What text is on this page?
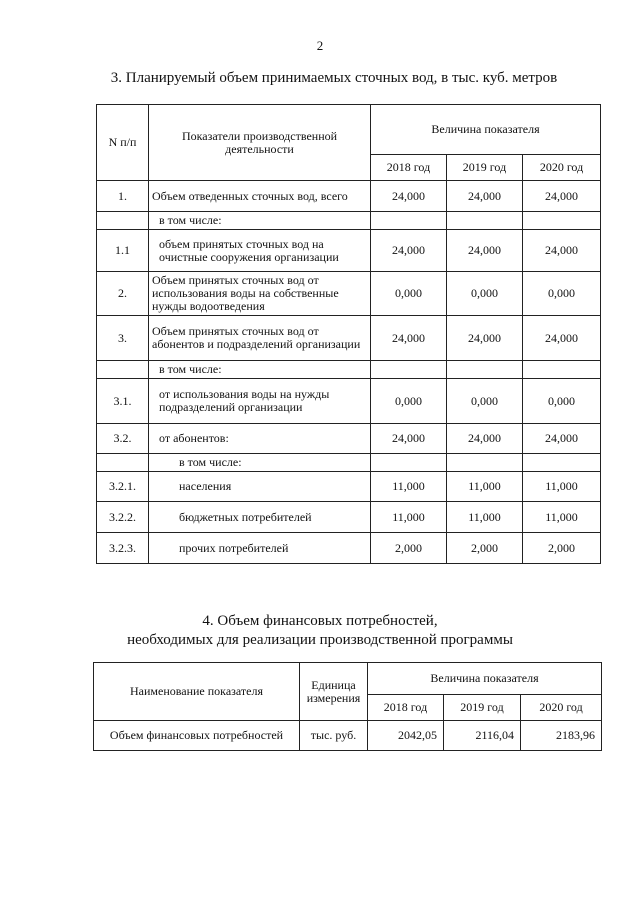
2
3. Планируемый объем принимаемых сточных вод, в тыс. куб. метров
N п/п	Показатели производственной деятельности	Величина показателя		
		2018 год	2019 год	2020 год
1.	Объем отведенных сточных вод, всего	24,000	24,000	24,000
	в том числе:			
1.1	объем принятых сточных вод на очистные сооружения организации	24,000	24,000	24,000
2.	Объем принятых сточных вод от использования воды на собственные нужды водоотведения	0,000	0,000	0,000
3.	Объем принятых сточных вод от абонентов и подразделений организации	24,000	24,000	24,000
	в том числе:			
3.1.	от использования воды на нужды подразделений организации	0,000	0,000	0,000
3.2.	от абонентов:	24,000	24,000	24,000
	в том числе:			
3.2.1.	населения	11,000	11,000	11,000
3.2.2.	бюджетных потребителей	11,000	11,000	11,000
3.2.3.	прочих потребителей	2,000	2,000	2,000
4. Объем финансовых потребностей,
необходимых для реализации производственной программы
Наименование показателя	Единица измерения	Величина показателя		
		2018 год	2019 год	2020 год
Объем финансовых потребностей	тыс. руб.	2042,05	2116,04	2183,96
